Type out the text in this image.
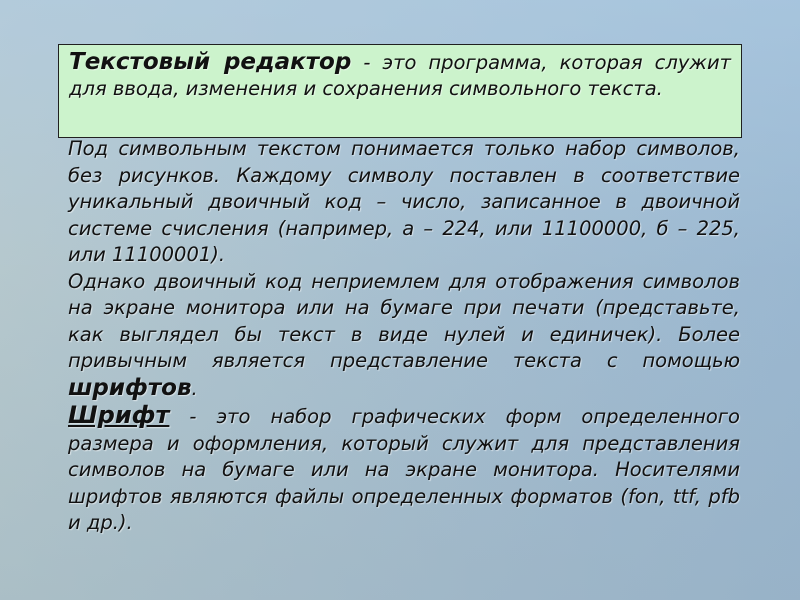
Текстовый редактор - это программа, которая служит для ввода, изменения и сохранения символьного текста.

Под символьным текстом понимается только набор символов, без рисунков. Каждому символу поставлен в соответствие уникальный двоичный код – число, записанное в двоичной системе счисления (например, а – 224, или 11100000, б – 225, или 11100001).

Однако двоичный код неприемлем для отображения символов на экране монитора или на бумаге при печати (представьте, как выглядел бы текст в виде нулей и единичек). Более привычным является представление текста с помощью шрифтов.

Шрифт - это набор графических форм определенного размера и оформления, который служит для представления символов на бумаге или на экране монитора. Носителями шрифтов являются файлы определенных форматов (fon, ttf, pfb и др.).
